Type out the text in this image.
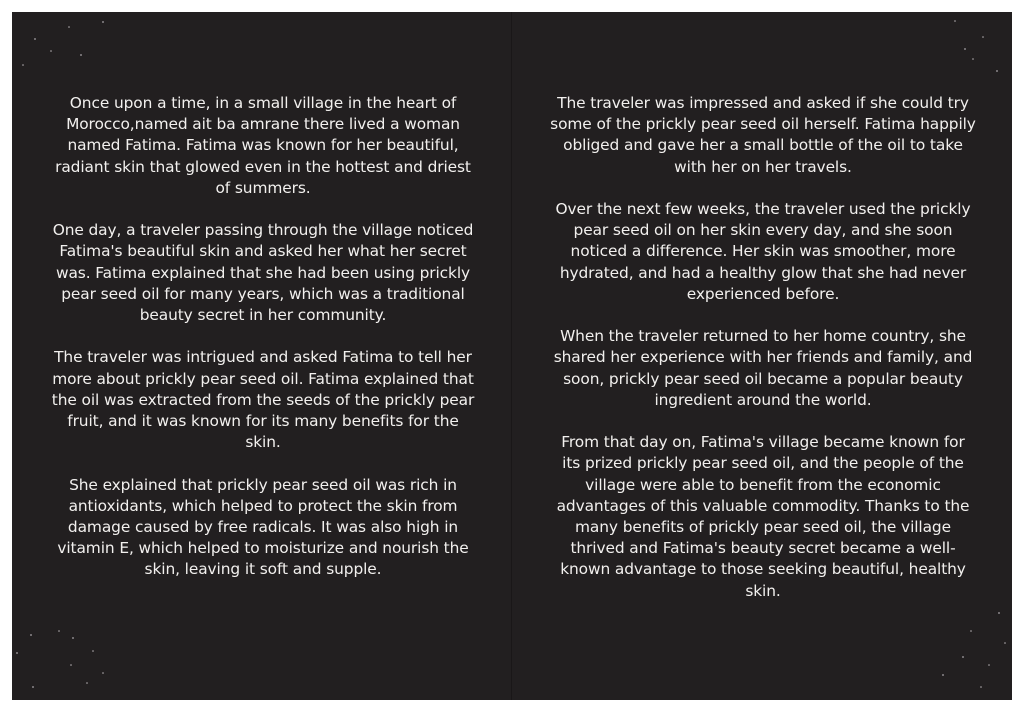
Once upon a time, in a small village in the heart of Morocco,named ait ba amrane there lived a woman named Fatima. Fatima was known for her beautiful, radiant skin that glowed even in the hottest and driest of summers.

One day, a traveler passing through the village noticed Fatima's beautiful skin and asked her what her secret was. Fatima explained that she had been using prickly pear seed oil for many years, which was a traditional beauty secret in her community.

The traveler was intrigued and asked Fatima to tell her more about prickly pear seed oil. Fatima explained that the oil was extracted from the seeds of the prickly pear fruit, and it was known for its many benefits for the skin.

She explained that prickly pear seed oil was rich in antioxidants, which helped to protect the skin from damage caused by free radicals. It was also high in vitamin E, which helped to moisturize and nourish the skin, leaving it soft and supple.

The traveler was impressed and asked if she could try some of the prickly pear seed oil herself. Fatima happily obliged and gave her a small bottle of the oil to take with her on her travels.

Over the next few weeks, the traveler used the prickly pear seed oil on her skin every day, and she soon noticed a difference. Her skin was smoother, more hydrated, and had a healthy glow that she had never experienced before.

When the traveler returned to her home country, she shared her experience with her friends and family, and soon, prickly pear seed oil became a popular beauty ingredient around the world.

From that day on, Fatima's village became known for its prized prickly pear seed oil, and the people of the village were able to benefit from the economic advantages of this valuable commodity. Thanks to the many benefits of prickly pear seed oil, the village thrived and Fatima's beauty secret became a well-known advantage to those seeking beautiful, healthy skin.
